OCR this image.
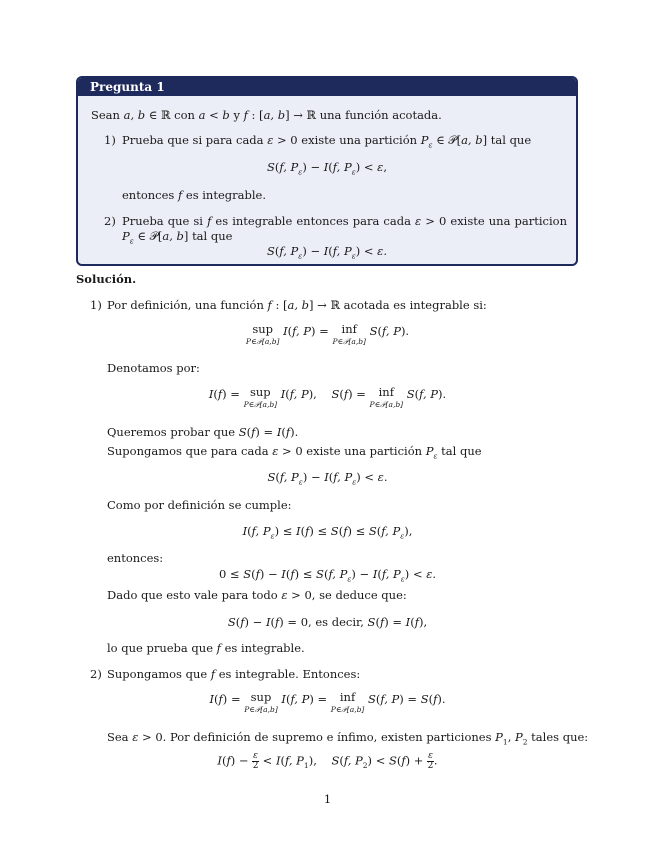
Pregunta 1
Sean a, b ∈ ℝ con a < b y f : [a, b] → ℝ una función acotada.
1) Prueba que si para cada ε > 0 existe una partición $P_\varepsilon$ ∈ 𝒫[a, b] tal que
S(f, $P_\varepsilon) - I(f$, $P_\varepsilon) < \varepsilon$,
entonces f es integrable.
2) Prueba que si f es integrable entonces para cada ε > 0 existe una particion
$P_\varepsilon$ ∈ 𝒫[a, b] tal que
S(f, $P_\varepsilon) - I(f$, $P_\varepsilon) < \varepsilon$.
Solución.
1) Por definición, una función f : [a, b] → ℝ acotada es integrable si:
sup
P∈𝒫[a,b]
I(f, P) = inf
P∈𝒫[a,b]
S(f, P).
Denotamos por:
I(f) = sup
P∈𝒫[a,b]
I(f, P),    S(f) = inf
P∈𝒫[a,b]
S(f, P).
Queremos probar que S(f) = I(f).
Supongamos que para cada ε > 0 existe una partición $P_\varepsilon$ tal que
S(f, $P_\varepsilon) - I(f$, $P_\varepsilon) < \varepsilon$.
Como por definición se cumple:
I(f, $P_\varepsilon) \le I(f) \le S(f) \le S(f$, $P_\varepsilon$),
entonces:
0 ≤ S(f) − I(f) ≤ S(f, $P_\varepsilon) - I(f$, $P_\varepsilon) < \varepsilon$.
Dado que esto vale para todo ε > 0, se deduce que:
S(f) − I(f) = 0, es decir, S(f) = I(f),
lo que prueba que f es integrable.
2) Supongamos que f es integrable. Entonces:
I(f) = sup
P∈𝒫[a,b]
I(f, P) = inf
P∈𝒫[a,b]
S(f, P) = S(f).
Sea ε > 0. Por definición de supremo e ínfimo, existen particiones $P_1$, $P_2$ tales que:
$I(f) - \frac{\varepsilon}{2} < I(f$, $P_1$),    S(f, $P_2) < S(f) + \frac{\varepsilon}{2}$ .
1
